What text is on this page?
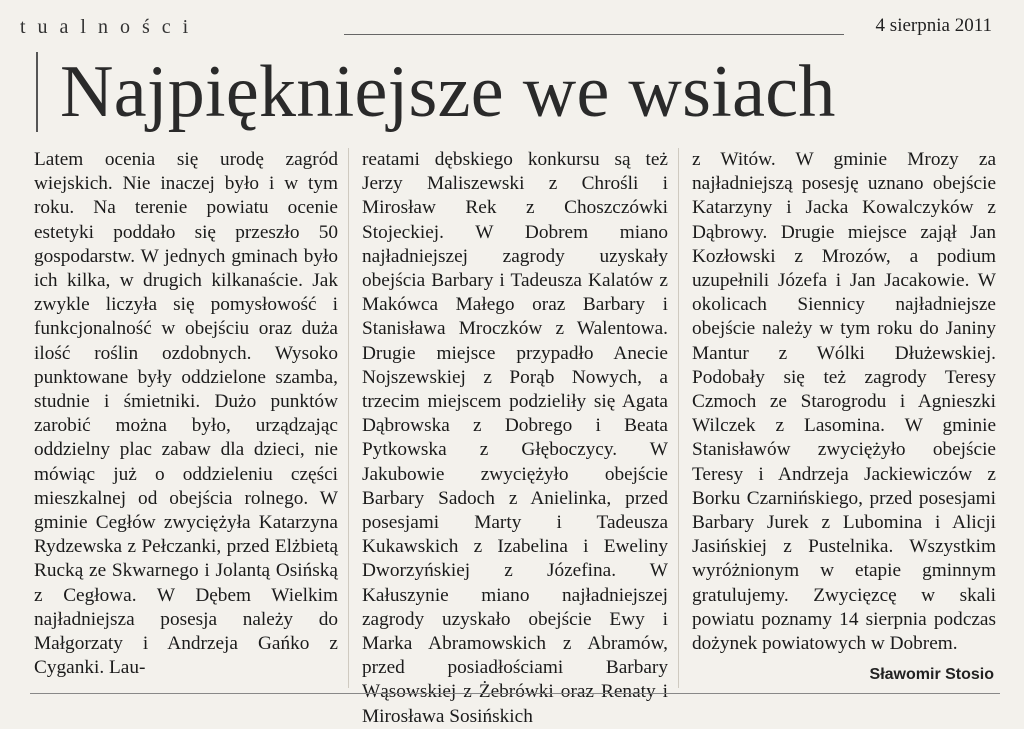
tualności	4 sierpnia 2011
Najpiękniejsze we wsiach
Latem ocenia się urodę zagród wiejskich. Nie inaczej było i w tym roku. Na terenie powiatu ocenie estetyki poddało się przeszło 50 gospodarstw. W jednych gminach było ich kilka, w drugich kilkanaście. Jak zwykle liczyła się pomysłowość i funkcjonalność w obejściu oraz duża ilość roślin ozdobnych. Wysoko punktowane były oddzielone szamba, studnie i śmietniki. Dużo punktów zarobić można było, urządzając oddzielny plac zabaw dla dzieci, nie mówiąc już o oddzieleniu części mieszkalnej od obejścia rolnego. W gminie Cegłów zwyciężyła Katarzyna Rydzewska z Pełczanki, przed Elżbietą Rucką ze Skwarnego i Jolantą Osińską z Cegłowa. W Dębem Wielkim najładniejsza posesja należy do Małgorzaty i Andrzeja Gańko z Cyganki. Lau-
reatami dębskiego konkursu są też Jerzy Maliszewski z Chrośli i Mirosław Rek z Choszczówki Stojeckiej. W Dobrem miano najładniejszej zagrody uzyskały obejścia Barbary i Tadeusza Kalatów z Makówca Małego oraz Barbary i Stanisława Mroczków z Walentowa. Drugie miejsce przypadło Anecie Nojszewskiej z Porąb Nowych, a trzecim miejscem podzieliły się Agata Dąbrowska z Dobrego i Beata Pytkowska z Głęboczycy. W Jakubowie zwyciężyło obejście Barbary Sadoch z Anielinka, przed posesjami Marty i Tadeusza Kukawskich z Izabelina i Eweliny Dworzyńskiej z Józefina. W Kałuszynie miano najładniejszej zagrody uzyskało obejście Ewy i Marka Abramowskich z Abramów, przed posiadłościami Barbary Wąsowskiej z Żebrówki oraz Renaty i Mirosława Sosińskich
z Witów. W gminie Mrozy za najładniejszą posesję uznano obejście Katarzyny i Jacka Kowalczyków z Dąbrowy. Drugie miejsce zajął Jan Kozłowski z Mrozów, a podium uzupełnili Józefa i Jan Jacakowie. W okolicach Siennicy najładniejsze obejście należy w tym roku do Janiny Mantur z Wólki Dłużewskiej. Podobały się też zagrody Teresy Czmoch ze Starogrodu i Agnieszki Wilczek z Lasomina. W gminie Stanisławów zwyciężyło obejście Teresy i Andrzeja Jackiewiczów z Borku Czarnińskiego, przed posesjami Barbary Jurek z Lubomina i Alicji Jasińskiej z Pustelnika. Wszystkim wyróżnionym w etapie gminnym gratulujemy. Zwycięzcę w skali powiatu poznamy 14 sierpnia podczas dożynek powiatowych w Dobrem.
Sławomir Stosio
